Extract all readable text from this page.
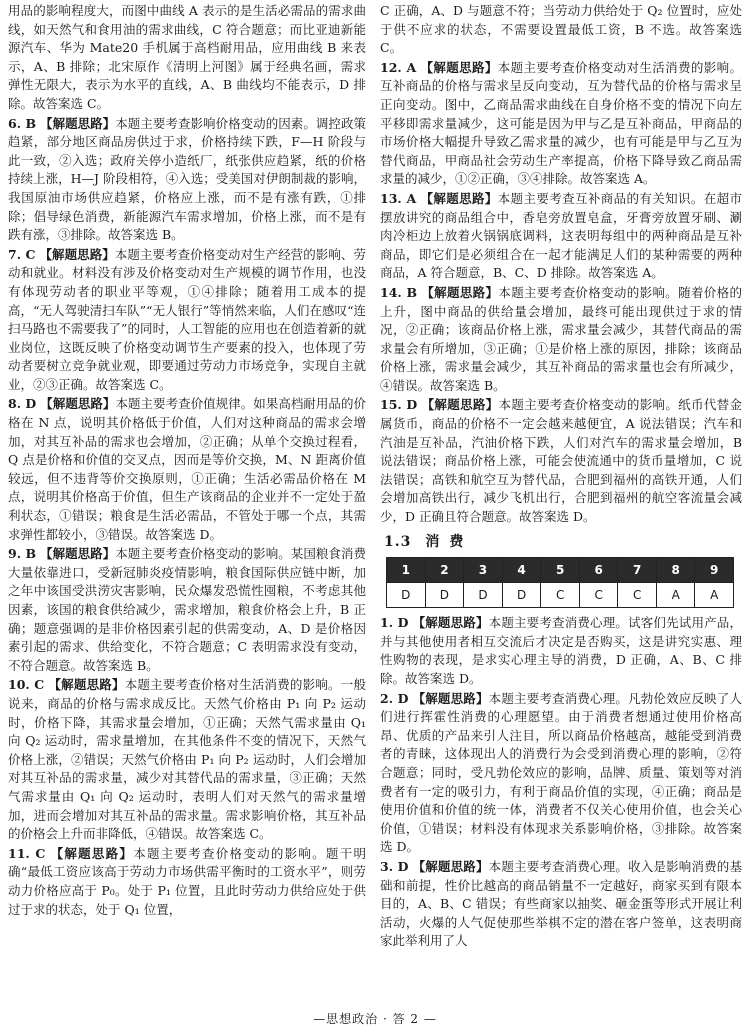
用品的影响程度大，而图中曲线 A 表示的是生活必需品的需求曲线，如天然气和食用油的需求曲线，C 符合题意；而比亚迪新能源汽车、华为 Mate20 手机属于高档耐用品，应用曲线 B 来表示，A、B 排除；北宋原作《清明上河图》属于经典名画，需求弹性无限大，表示为水平的直线，A、B 曲线均不能表示，D 排除。故答案选 C。
6. B 【解题思路】本题主要考查影响价格变动的因素。调控政策趋紧，部分地区商品房供过于求，价格持续下跌，F—H 阶段与此一致，②入选；政府关停小造纸厂，纸张供应趋紧，纸的价格持续上涨，H—J 阶段相符，④入选；受美国对伊朗制裁的影响，我国原油市场供应趋紧，价格应上涨，而不是有涨有跌，①排除；倡导绿色消费，新能源汽车需求增加，价格上涨，而不是有跌有涨，③排除。故答案选 B。
7. C 【解题思路】本题主要考查价格变动对生产经营的影响、劳动和就业。材料没有涉及价格变动对生产规模的调节作用，也没有体现劳动者的职业平等观，①④排除；随着用工成本的提高，“无人驾驶清扫车队”“无人银行”等悄然来临，人们在感叹“连扫马路也不需要我了”的同时，人工智能的应用也在创造着新的就业岗位，这既反映了价格变动调节生产要素的投入，也体现了劳动者要树立竞争就业观，即要通过劳动力市场竞争，实现自主就业，②③正确。故答案选 C。
8. D 【解题思路】本题主要考查价值规律。如果高档耐用品的价格在 N 点，说明其价格低于价值，人们对这种商品的需求会增加，对其互补品的需求也会增加，②正确；从单个交换过程看，Q 点是价格和价值的交叉点，因而是等价交换，M、N 距离价值较远，但不违背等价交换原则，①正确；生活必需品价格在 M 点，说明其价格高于价值，但生产该商品的企业并不一定处于盈利状态，①错误；粮食是生活必需品，不管处于哪一个点，其需求弹性都较小，③错误。故答案选 D。
9. B 【解题思路】本题主要考查价格变动的影响。某国粮食消费大量依靠进口，受新冠肺炎疫情影响，粮食国际供应链中断，加之年中该国受洪涝灾害影响，民众爆发恐慌性囤粮，不考虑其他因素，该国的粮食供给减少，需求增加，粮食价格会上升，B 正确；题意强调的是非价格因素引起的供需变动，A、D 是价格因素引起的需求、供给变化，不符合题意；C 表明需求没有变动，不符合题意。故答案选 B。
10. C 【解题思路】本题主要考查价格对生活消费的影响。一般说来，商品的价格与需求成反比。天然气价格由 P₁ 向 P₂ 运动时，价格下降，其需求量会增加，①正确；天然气需求量由 Q₁ 向 Q₂ 运动时，需求量增加，在其他条件不变的情况下，天然气价格上涨，②错误；天然气价格由 P₁ 向 P₂ 运动时，人们会增加对其互补品的需求量，减少对其替代品的需求量，③正确；天然气需求量由 Q₁ 向 Q₂ 运动时，表明人们对天然气的需求量增加，进而会增加对其互补品的需求量。需求影响价格，其互补品的价格会上升而非降低，④错误。故答案选 C。
11. C 【解题思路】本题主要考查价格变动的影响。题干明确“最低工资应该高于劳动力市场供需平衡时的工资水平”，则劳动力价格应高于 P₀。处于 P₁ 位置，且此时劳动力供给应处于供过于求的状态，处于 Q₁ 位置，
C 正确，A、D 与题意不符；当劳动力供给处于 Q₂ 位置时，应处于供不应求的状态，不需要设置最低工资，B 不选。故答案选 C。
12. A 【解题思路】本题主要考查价格变动对生活消费的影响。互补商品的价格与需求呈反向变动，互为替代品的价格与需求呈正向变动。图中，乙商品需求曲线在自身价格不变的情况下向左平移即需求量减少，这可能是因为甲与乙是互补商品，甲商品的市场价格大幅提升导致乙需求量的减少，也有可能是甲与乙互为替代商品，甲商品社会劳动生产率提高，价格下降导致乙商品需求量的减少，①②正确，③④排除。故答案选 A。
13. A 【解题思路】本题主要考查互补商品的有关知识。在超市摆放讲究的商品组合中，香皂旁放置皂盒，牙膏旁放置牙刷、涮肉冷柜边上放着火锅锅底调料，这表明每组中的两种商品是互补商品，即它们是必须组合在一起才能满足人们的某种需要的两种商品，A 符合题意，B、C、D 排除。故答案选 A。
14. B 【解题思路】本题主要考查价格变动的影响。随着价格的上升，图中商品的供给量会增加，最终可能出现供过于求的情况，②正确；该商品价格上涨，需求量会减少，其替代商品的需求量会有所增加，③正确；①是价格上涨的原因，排除；该商品价格上涨，需求量会减少，其互补商品的需求量也会有所减少，④错误。故答案选 B。
15. D 【解题思路】本题主要考查价格变动的影响。纸币代替金属货币，商品的价格不一定会越来越便宜，A 说法错误；汽车和汽油是互补品，汽油价格下跌，人们对汽车的需求量会增加，B 说法错误；商品价格上涨，可能会使流通中的货币量增加，C 说法错误；高铁和航空互为替代品，合肥到福州的高铁开通，人们会增加高铁出行，减少飞机出行，合肥到福州的航空客流量会减少，D 正确且符合题意。故答案选 D。
1.3 消费
1	2	3	4	5	6	7	8	9
D	D	D	D	C	C	C	A	A
1. D 【解题思路】本题主要考查消费心理。试客们先试用产品，并与其他使用者相互交流后才决定是否购买，这是讲究实惠、理性购物的表现，是求实心理主导的消费，D 正确，A、B、C 排除。故答案选 D。
2. D 【解题思路】本题主要考查消费心理。凡勃伦效应反映了人们进行挥霍性消费的心理愿望。由于消费者想通过使用价格高昂、优质的产品来引人注目，所以商品价格越高，越能受到消费者的青睐，这体现出人的消费行为会受到消费心理的影响，②符合题意；同时，受凡勃伦效应的影响，品牌、质量、策划等对消费者有一定的吸引力，有利于商品价值的实现，④正确；商品是使用价值和价值的统一体，消费者不仅关心使用价值，也会关心价值，①错误；材料没有体现求关系影响价格，③排除。故答案选 D。
3. D 【解题思路】本题主要考查消费心理。收入是影响消费的基础和前提，性价比越高的商品销量不一定越好，商家买到有限本目的，A、B、C 错误；有些商家以抽奖、砸金蛋等形式开展让利活动，火爆的人气促使那些举棋不定的潜在客户签单，这表明商家此举利用了人
—思想政治 · 答 2 —
